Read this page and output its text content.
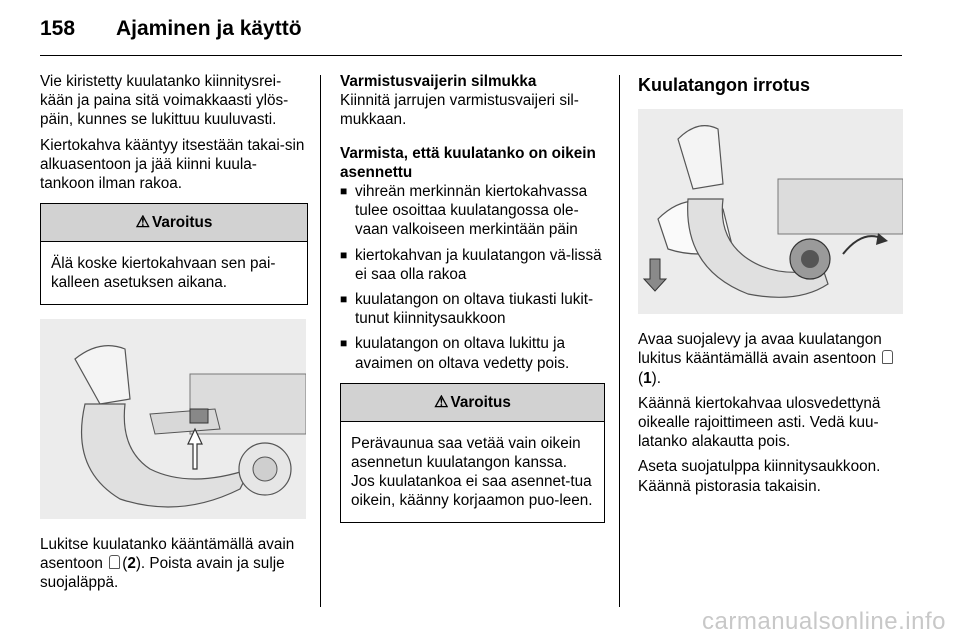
158 Ajaminen ja käyttö

Vie kiristetty kuulatanko kiinnitysrei-kään ja paina sitä voimakkaasti ylös-päin, kunnes se lukittuu kuuluvasti.

Kiertokahva kääntyy itsestään takai-sin alkuasentoon ja jää kiinni kuula-tankoon ilman rakoa.

⚠ Varoitus
Älä koske kiertokahvaan sen pai-kalleen asetuksen aikana.

Lukitse kuulatanko kääntämällä avain asentoon (2). Poista avain ja sulje suojaläppä.

Varmistusvaijerin silmukka

Kiinnitä jarrujen varmistusvaijeri sil-mukkaan.

Varmista, että kuulatanko on oikein asennettu
■ vihreän merkinnän kiertokahvassa tulee osoittaa kuulatangossa ole-vaan valkoiseen merkintään päin
■ kiertokahvan ja kuulatangon vä-lissä ei saa olla rakoa
■ kuulatangon on oltava tiukasti lukit-tunut kiinnitysaukkoon
■ kuulatangon on oltava lukittu ja avaimen on oltava vedetty pois.
⚠ Varoitus
Perävaunua saa vetää vain oikein asennetun kuulatangon kanssa. Jos kuulatankoa ei saa asennet-tua oikein, käänny korjaamon puo-leen.
Kuulatangon irrotus

Avaa suojalevy ja avaa kuulatangon lukitus kääntämällä avain asentoon (1).

Käännä kiertokahvaa ulosvedettynä oikealle rajoittimeen asti. Vedä kuu-latanko alakautta pois.

Aseta suojatulppa kiinnitysaukkoon. Käännä pistorasia takaisin.

carmanualsonline.info
